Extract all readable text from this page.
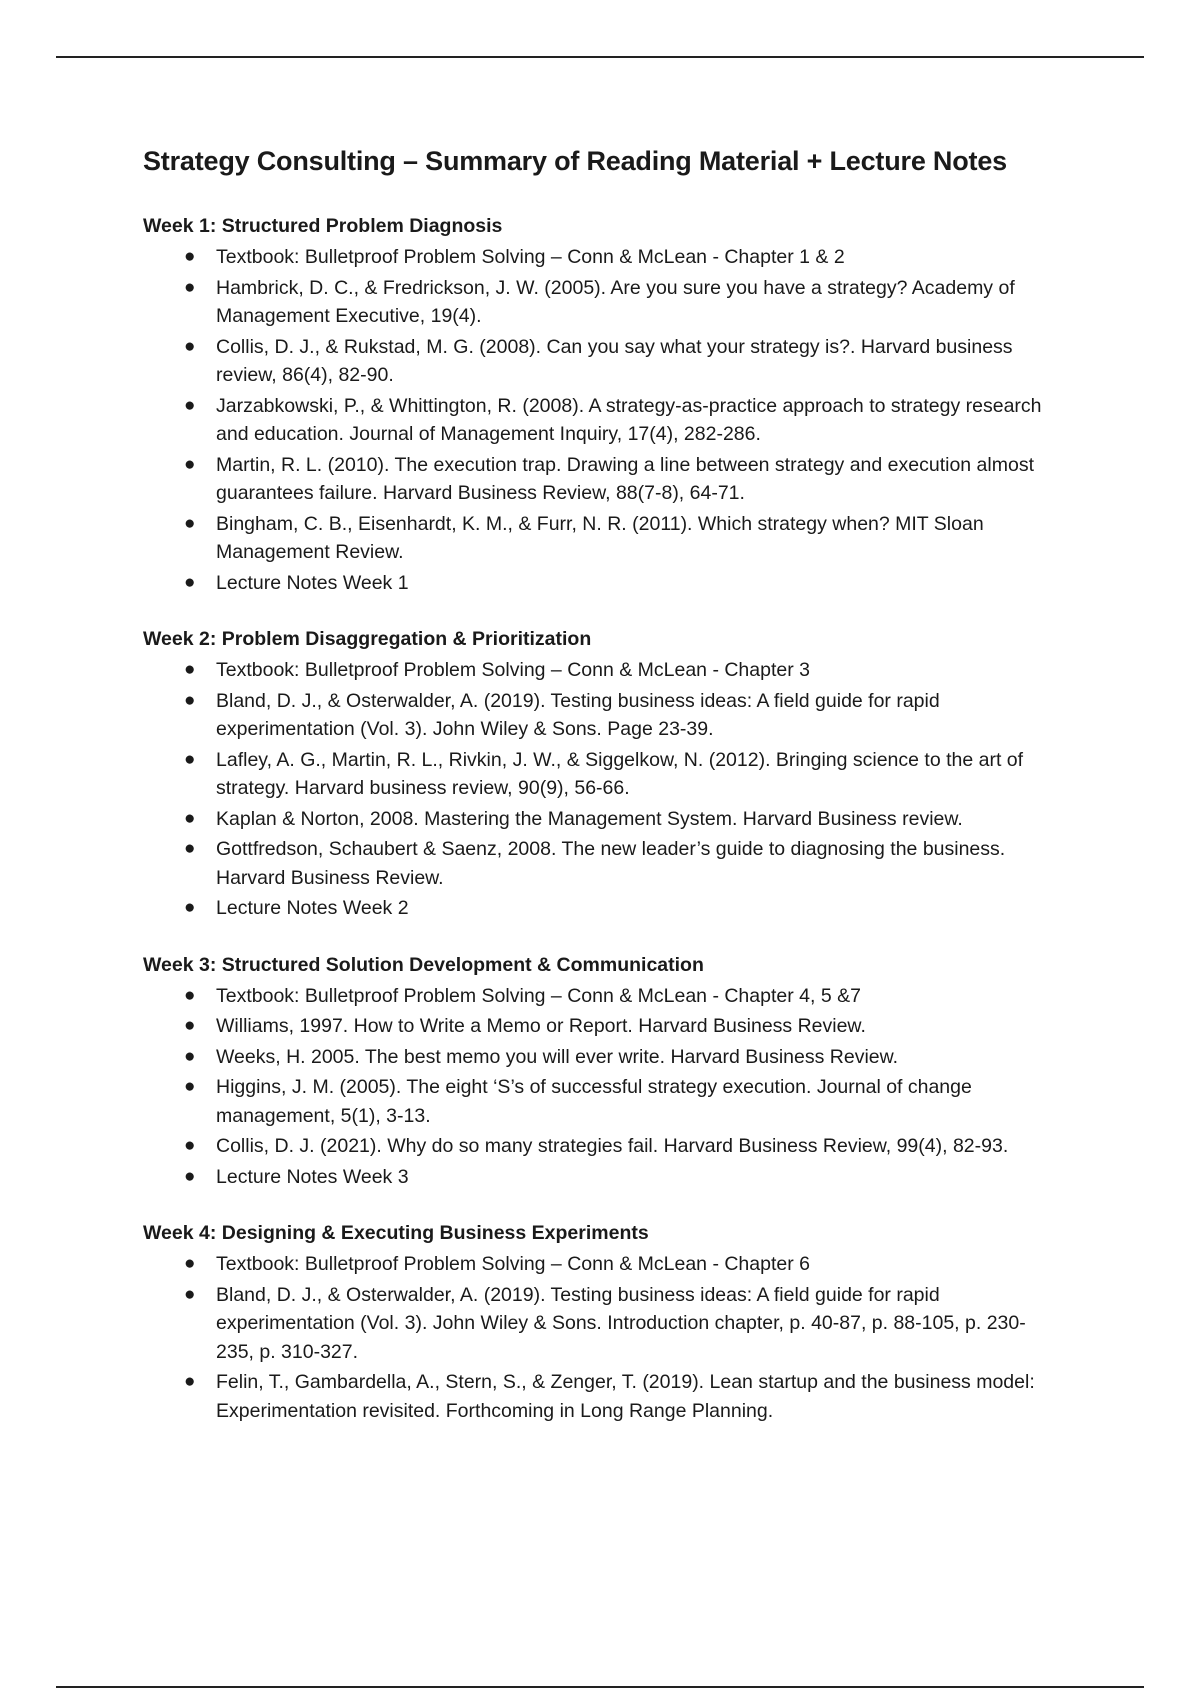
Strategy Consulting – Summary of Reading Material + Lecture Notes
Week 1: Structured Problem Diagnosis
● Textbook: Bulletproof Problem Solving – Conn & McLean - Chapter 1 & 2
● Hambrick, D. C., & Fredrickson, J. W. (2005). Are you sure you have a strategy? Academy of Management Executive, 19(4).
● Collis, D. J., & Rukstad, M. G. (2008). Can you say what your strategy is?. Harvard business review, 86(4), 82-90.
● Jarzabkowski, P., & Whittington, R. (2008). A strategy-as-practice approach to strategy research and education. Journal of Management Inquiry, 17(4), 282-286.
● Martin, R. L. (2010). The execution trap. Drawing a line between strategy and execution almost guarantees failure. Harvard Business Review, 88(7-8), 64-71.
● Bingham, C. B., Eisenhardt, K. M., & Furr, N. R. (2011). Which strategy when? MIT Sloan Management Review.
● Lecture Notes Week 1
Week 2: Problem Disaggregation & Prioritization
● Textbook: Bulletproof Problem Solving – Conn & McLean - Chapter 3
● Bland, D. J., & Osterwalder, A. (2019). Testing business ideas: A field guide for rapid experimentation (Vol. 3). John Wiley & Sons. Page 23-39.
● Lafley, A. G., Martin, R. L., Rivkin, J. W., & Siggelkow, N. (2012). Bringing science to the art of strategy. Harvard business review, 90(9), 56-66.
● Kaplan & Norton, 2008. Mastering the Management System. Harvard Business review.
● Gottfredson, Schaubert & Saenz, 2008. The new leader’s guide to diagnosing the business. Harvard Business Review.
● Lecture Notes Week 2
Week 3: Structured Solution Development & Communication
● Textbook: Bulletproof Problem Solving – Conn & McLean - Chapter 4, 5 &7
● Williams, 1997. How to Write a Memo or Report. Harvard Business Review.
● Weeks, H. 2005. The best memo you will ever write. Harvard Business Review.
● Higgins, J. M. (2005). The eight ‘S’s of successful strategy execution. Journal of change management, 5(1), 3-13.
● Collis, D. J. (2021). Why do so many strategies fail. Harvard Business Review, 99(4), 82-93.
● Lecture Notes Week 3
Week 4: Designing & Executing Business Experiments
● Textbook: Bulletproof Problem Solving – Conn & McLean - Chapter 6
● Bland, D. J., & Osterwalder, A. (2019). Testing business ideas: A field guide for rapid experimentation (Vol. 3). John Wiley & Sons. Introduction chapter, p. 40-87, p. 88-105, p. 230-235, p. 310-327.
● Felin, T., Gambardella, A., Stern, S., & Zenger, T. (2019). Lean startup and the business model: Experimentation revisited. Forthcoming in Long Range Planning.
